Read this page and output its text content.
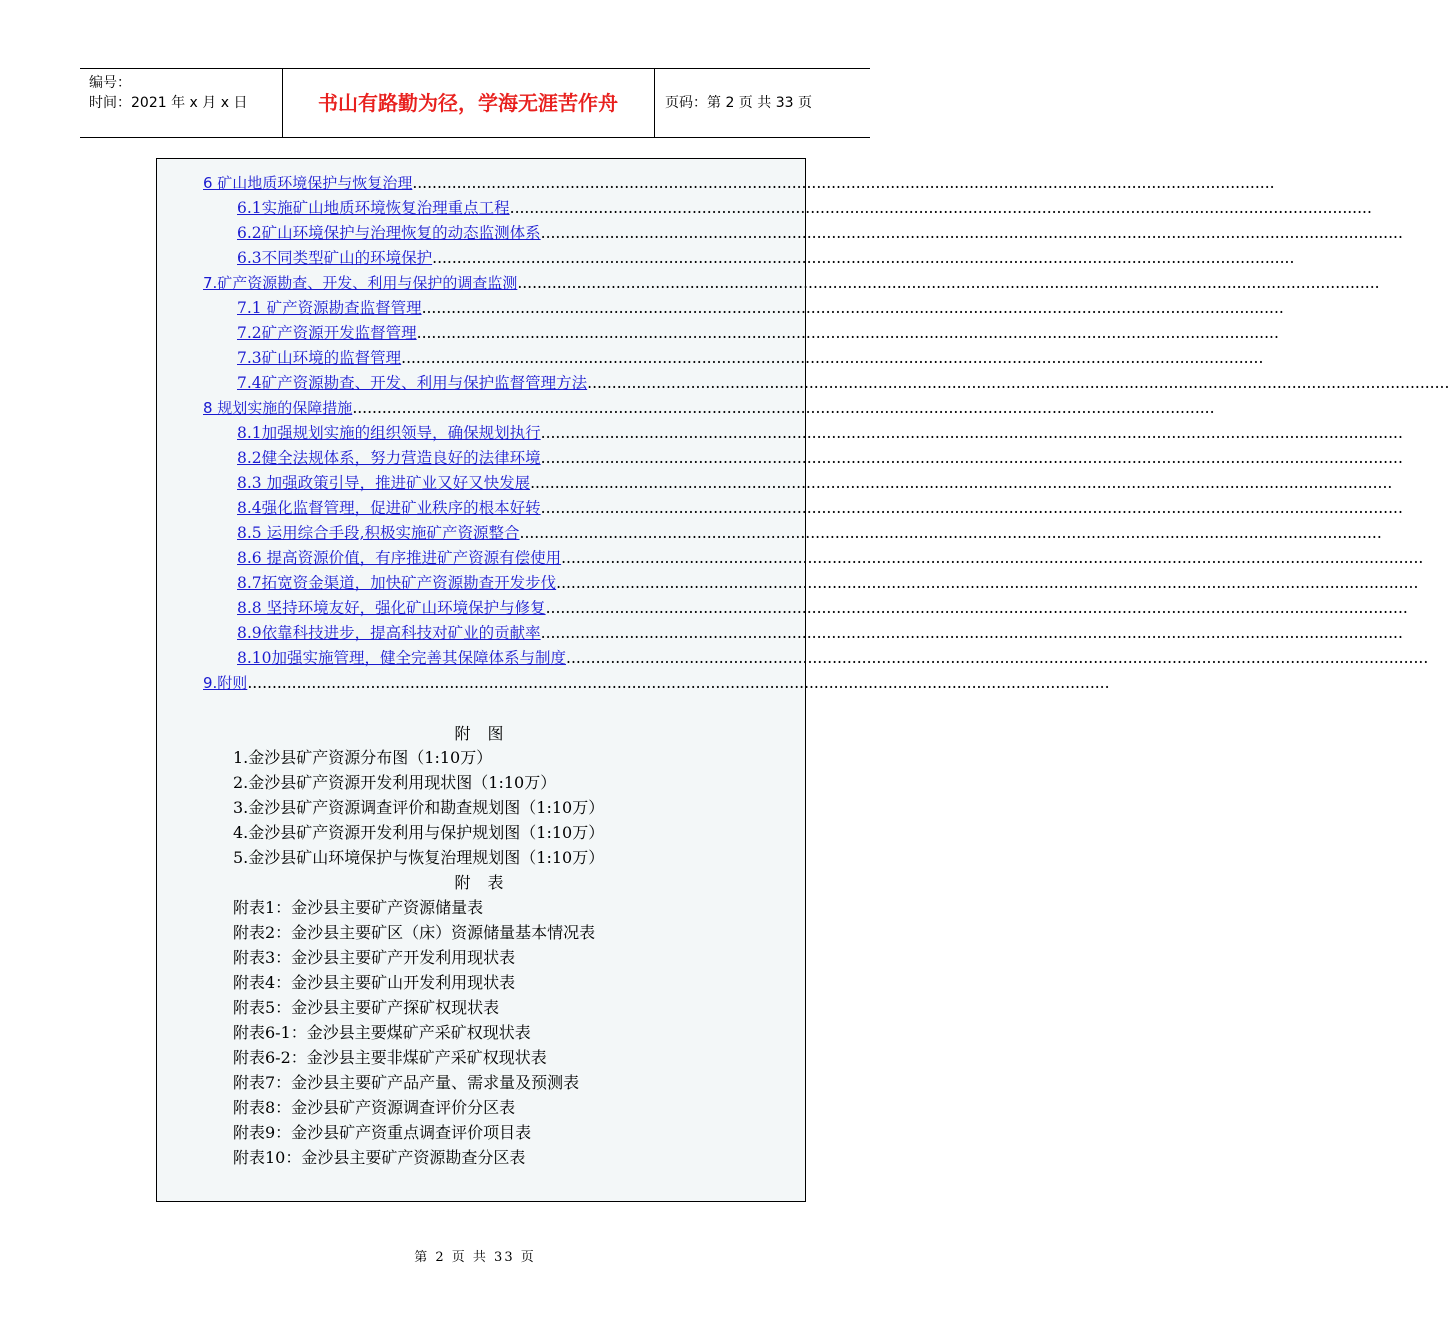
编号：
时间：2021 年 x 月 x 日	书山有路勤为径，学海无涯苦作舟	页码：第 2 页 共 33 页
6 矿山地质环境保护与恢复治理...............................................................................................................................................................................
6.1实施矿山地质环境恢复治理重点工程...............................................................................................................................................................................
6.2矿山环境保护与治理恢复的动态监测体系...............................................................................................................................................................................
6.3不同类型矿山的环境保护...............................................................................................................................................................................
7.矿产资源勘查、开发、利用与保护的调查监测...............................................................................................................................................................................
7.1 矿产资源勘查监督管理...............................................................................................................................................................................
7.2矿产资源开发监督管理...............................................................................................................................................................................
7.3矿山环境的监督管理...............................................................................................................................................................................
7.4矿产资源勘查、开发、利用与保护监督管理方法...............................................................................................................................................................................
8 规划实施的保障措施...............................................................................................................................................................................
8.1加强规划实施的组织领导，确保规划执行...............................................................................................................................................................................
8.2健全法规体系，努力营造良好的法律环境...............................................................................................................................................................................
8.3 加强政策引导，推进矿业又好又快发展...............................................................................................................................................................................
8.4强化监督管理，促进矿业秩序的根本好转...............................................................................................................................................................................
8.5 运用综合手段,积极实施矿产资源整合...............................................................................................................................................................................
8.6 提高资源价值，有序推进矿产资源有偿使用...............................................................................................................................................................................
8.7拓宽资金渠道，加快矿产资源勘查开发步伐...............................................................................................................................................................................
8.8 坚持环境友好，强化矿山环境保护与修复...............................................................................................................................................................................
8.9依靠科技进步，提高科技对矿业的贡献率...............................................................................................................................................................................
8.10加强实施管理，健全完善其保障体系与制度...............................................................................................................................................................................
9.附则...............................................................................................................................................................................
附 图
1.金沙县矿产资源分布图（1:10万）
2.金沙县矿产资源开发利用现状图（1:10万）
3.金沙县矿产资源调查评价和勘查规划图（1:10万）
4.金沙县矿产资源开发利用与保护规划图（1:10万）
5.金沙县矿山环境保护与恢复治理规划图（1:10万）
附 表
附表1：金沙县主要矿产资源储量表
附表2：金沙县主要矿区（床）资源储量基本情况表
附表3：金沙县主要矿产开发利用现状表
附表4：金沙县主要矿山开发利用现状表
附表5：金沙县主要矿产探矿权现状表
附表6-1：金沙县主要煤矿产采矿权现状表
附表6-2：金沙县主要非煤矿产采矿权现状表
附表7：金沙县主要矿产品产量、需求量及预测表
附表8：金沙县矿产资源调查评价分区表
附表9：金沙县矿产资重点调查评价项目表
附表10：金沙县主要矿产资源勘查分区表
第 2 页 共 33 页
